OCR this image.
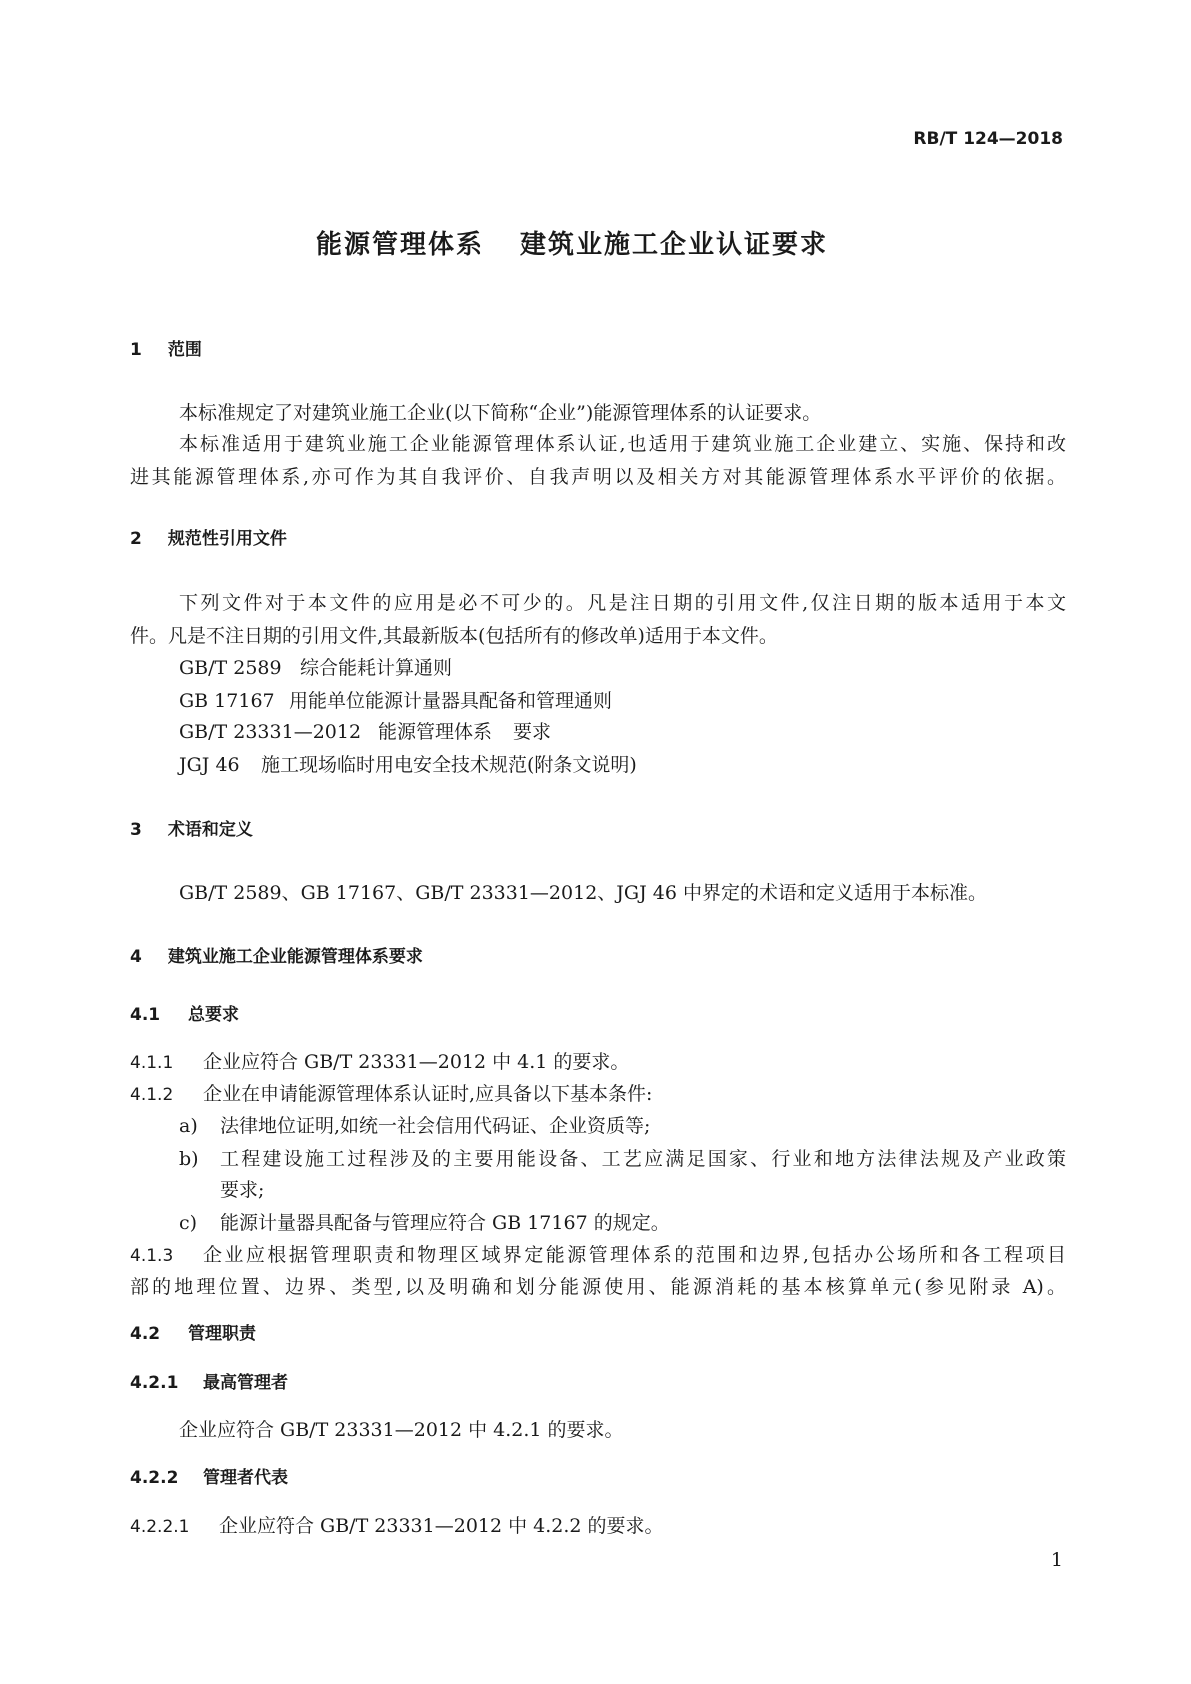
RB/T 124—2018
能源管理体系 建筑业施工企业认证要求
1 范围
本标准规定了对建筑业施工企业(以下简称“企业”)能源管理体系的认证要求。
本标准适用于建筑业施工企业能源管理体系认证,也适用于建筑业施工企业建立、实施、保持和改
进其能源管理体系,亦可作为其自我评价、自我声明以及相关方对其能源管理体系水平评价的依据。
2 规范性引用文件
下列文件对于本文件的应用是必不可少的。凡是注日期的引用文件,仅注日期的版本适用于本文
件。凡是不注日期的引用文件,其最新版本(包括所有的修改单)适用于本文件。
GB/T 2589 综合能耗计算通则
GB 17167 用能单位能源计量器具配备和管理通则
GB/T 23331—2012 能源管理体系 要求
JGJ 46 施工现场临时用电安全技术规范(附条文说明)
3 术语和定义
GB/T 2589、GB 17167、GB/T 23331—2012、JGJ 46 中界定的术语和定义适用于本标准。
4 建筑业施工企业能源管理体系要求
4.1 总要求
4.1.1 企业应符合 GB/T 23331—2012 中 4.1 的要求。
4.1.2 企业在申请能源管理体系认证时,应具备以下基本条件:
a) 法律地位证明,如统一社会信用代码证、企业资质等;
b) 工程建设施工过程涉及的主要用能设备、工艺应满足国家、行业和地方法律法规及产业政策
要求;
c) 能源计量器具配备与管理应符合 GB 17167 的规定。
4.1.3 企业应根据管理职责和物理区域界定能源管理体系的范围和边界,包括办公场所和各工程项目
部的地理位置、边界、类型,以及明确和划分能源使用、能源消耗的基本核算单元(参见附录 A)。
4.2 管理职责
4.2.1 最高管理者
企业应符合 GB/T 23331—2012 中 4.2.1 的要求。
4.2.2 管理者代表
4.2.2.1 企业应符合 GB/T 23331—2012 中 4.2.2 的要求。
1
